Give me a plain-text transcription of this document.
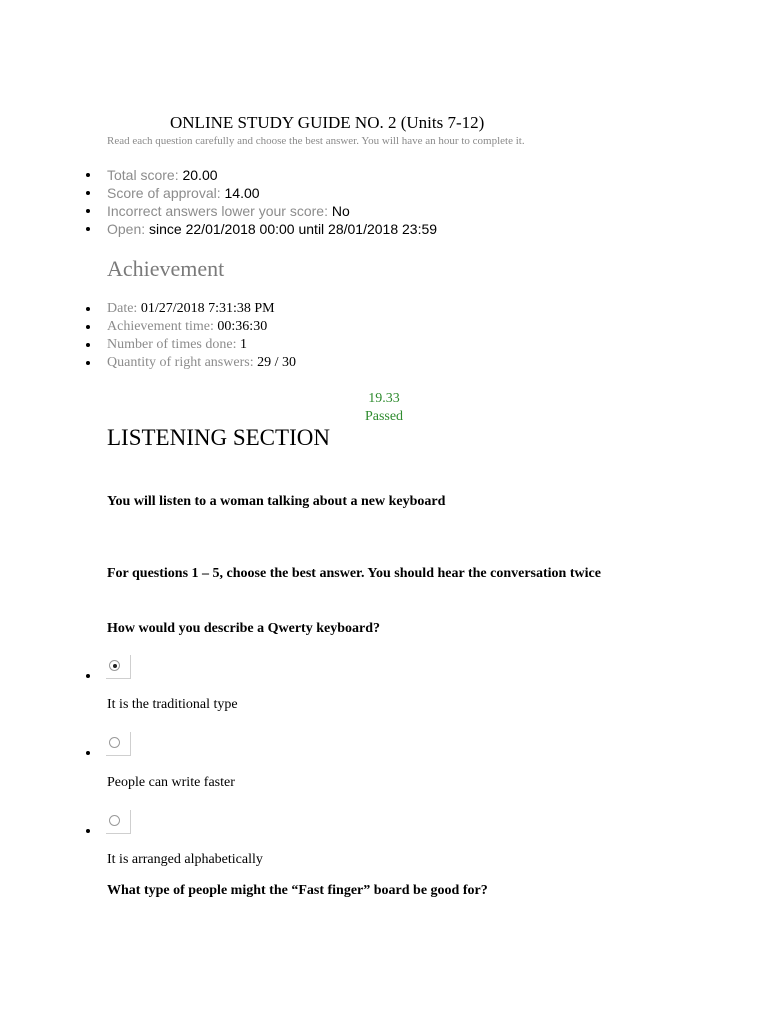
ONLINE STUDY GUIDE NO. 2 (Units 7-12)
Read each question carefully and choose the best answer. You will have an hour to complete it.
Total score: 20.00
Score of approval: 14.00
Incorrect answers lower your score: No
Open: since 22/01/2018 00:00 until 28/01/2018 23:59
Achievement
Date: 01/27/2018 7:31:38 PM
Achievement time: 00:36:30
Number of times done: 1
Quantity of right answers: 29 / 30
19.33
Passed
LISTENING SECTION
You will listen to a woman talking about a new keyboard
For questions 1 – 5, choose the best answer. You should hear the conversation twice
How would you describe a Qwerty keyboard?
It is the traditional type
People can write faster
It is arranged alphabetically
What type of people might the “Fast finger” board be good for?
